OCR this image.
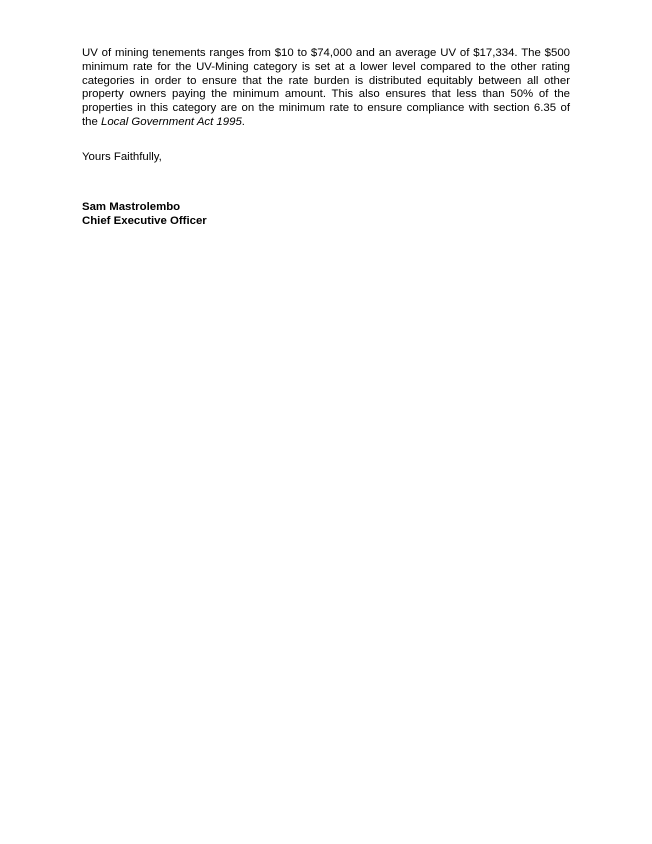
UV of mining tenements ranges from $10 to $74,000 and an average UV of $17,334. The $500 minimum rate for the UV-Mining category is set at a lower level compared to the other rating categories in order to ensure that the rate burden is distributed equitably between all other property owners paying the minimum amount. This also ensures that less than 50% of the properties in this category are on the minimum rate to ensure compliance with section 6.35 of the Local Government Act 1995.

Yours Faithfully,

Sam Mastrolembo
Chief Executive Officer
